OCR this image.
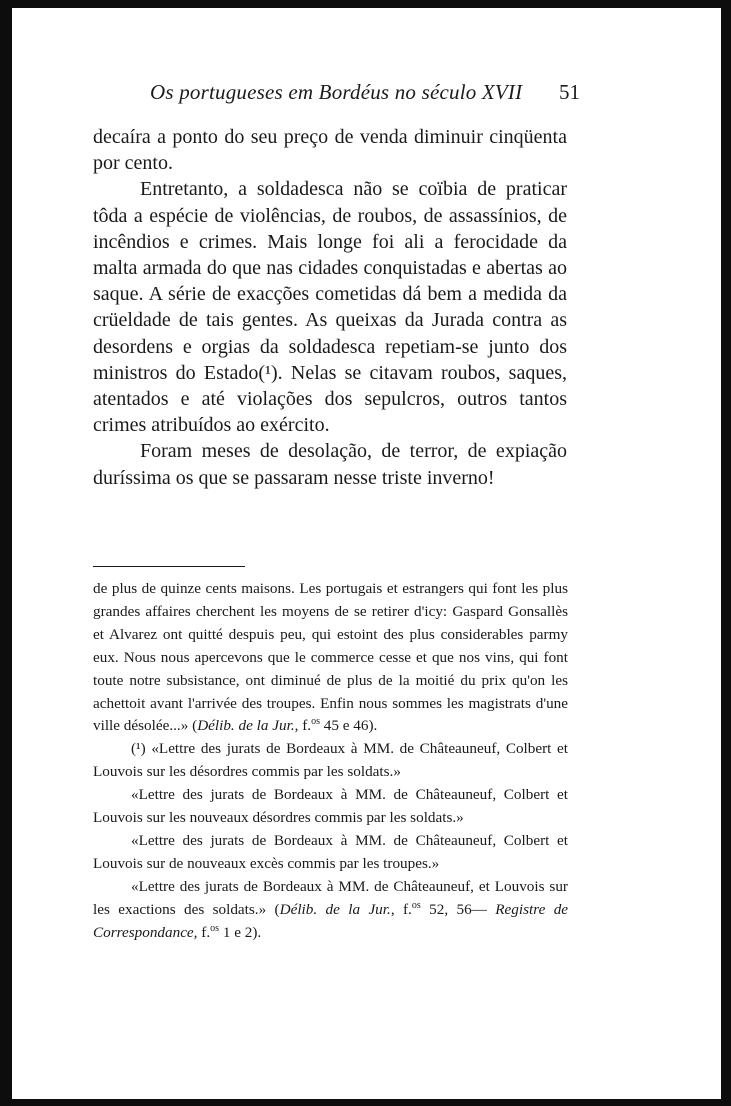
Os portugueses em Bordéus no século XVII 51

decaíra a ponto do seu preço de venda diminuir cinqüenta por cento.

Entretanto, a soldadesca não se coïbia de praticar tôda a espécie de violências, de roubos, de assassínios, de incêndios e crimes. Mais longe foi ali a ferocidade da malta armada do que nas cidades conquistadas e abertas ao saque. A série de exacções cometidas dá bem a medida da crüeldade de tais gentes. As queixas da Jurada contra as desordens e orgias da soldadesca repetiam-se junto dos ministros do Estado(¹). Nelas se citavam roubos, saques, atentados e até violações dos sepulcros, outros tantos crimes atribuídos ao exército.

Foram meses de desolação, de terror, de expiação duríssima os que se passaram nesse triste inverno!

de plus de quinze cents maisons. Les portugais et estrangers qui font les plus grandes affaires cherchent les moyens de se retirer d'icy: Gaspard Gonsallès et Alvarez ont quitté despuis peu, qui estoint des plus considerables parmy eux. Nous nous apercevons que le commerce cesse et que nos vins, qui font toute notre subsistance, ont diminué de plus de la moitié du prix qu'on les achettoit avant l'arrivée des troupes. Enfin nous sommes les magistrats d'une ville désolée...» (Délib. de la Jur., f.$^{os}$ 45 e 46).

(¹) «Lettre des jurats de Bordeaux à MM. de Châteauneuf, Colbert et Louvois sur les désordres commis par les soldats.»

«Lettre des jurats de Bordeaux à MM. de Châteauneuf, Colbert et Louvois sur les nouveaux désordres commis par les soldats.»

«Lettre des jurats de Bordeaux à MM. de Châteauneuf, Colbert et Louvois sur de nouveaux excès commis par les troupes.»

«Lettre des jurats de Bordeaux à MM. de Châteauneuf, et Louvois sur les exactions des soldats.» (Délib. de la Jur., f.$^{os}$ 52, 56— Registre de Correspondance, f.$^{os}$ 1 e 2).
